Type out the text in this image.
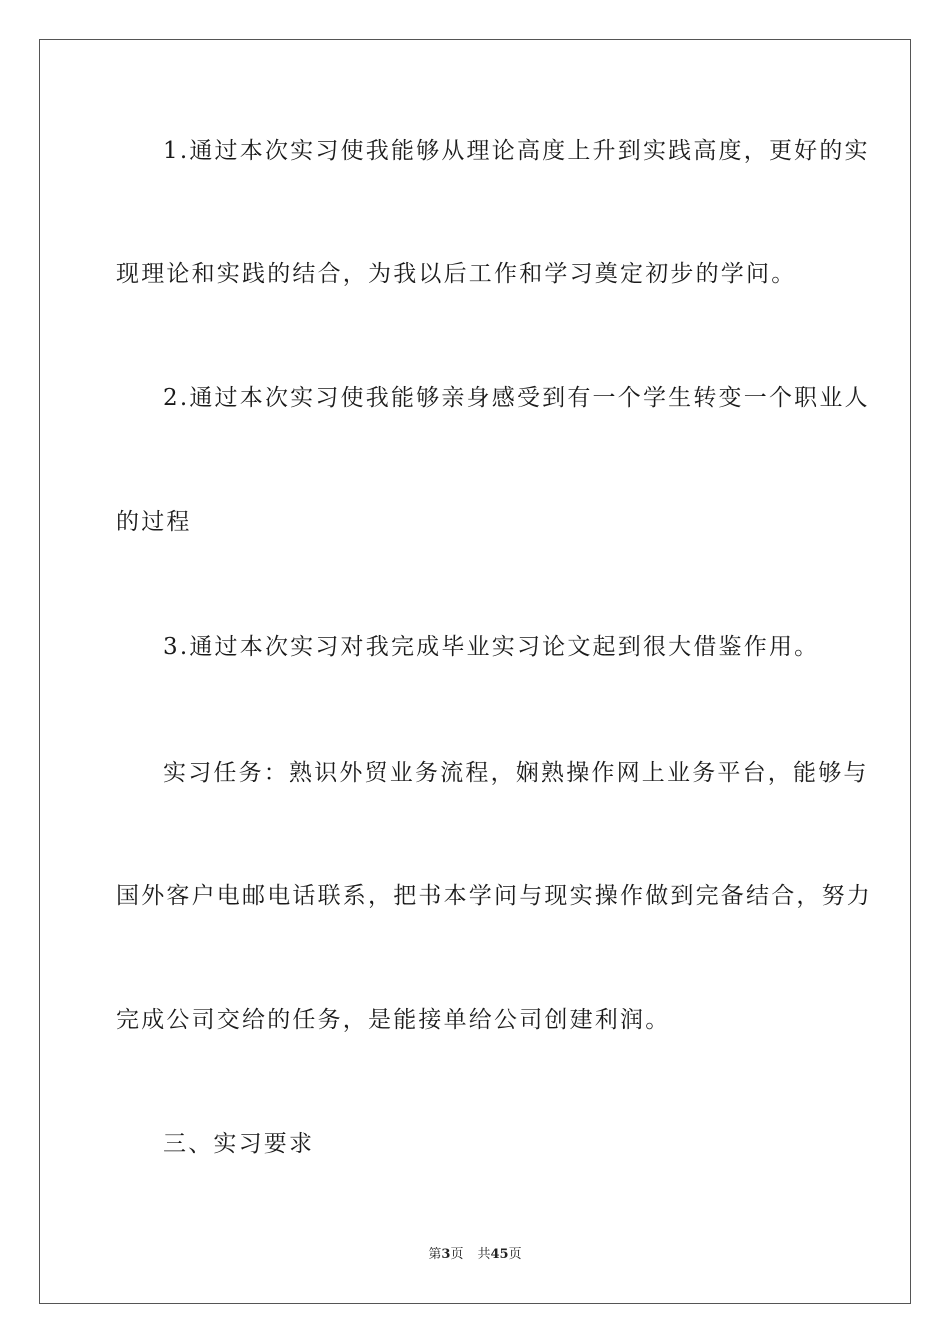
1.通过本次实习使我能够从理论高度上升到实践高度，更好的实
现理论和实践的结合，为我以后工作和学习奠定初步的学问。
2.通过本次实习使我能够亲身感受到有一个学生转变一个职业人
的过程
3.通过本次实习对我完成毕业实习论文起到很大借鉴作用。
实习任务：熟识外贸业务流程，娴熟操作网上业务平台，能够与
国外客户电邮电话联系，把书本学问与现实操作做到完备结合，努力
完成公司交给的任务，是能接单给公司创建利润。
三、实习要求
第3页 共45页
